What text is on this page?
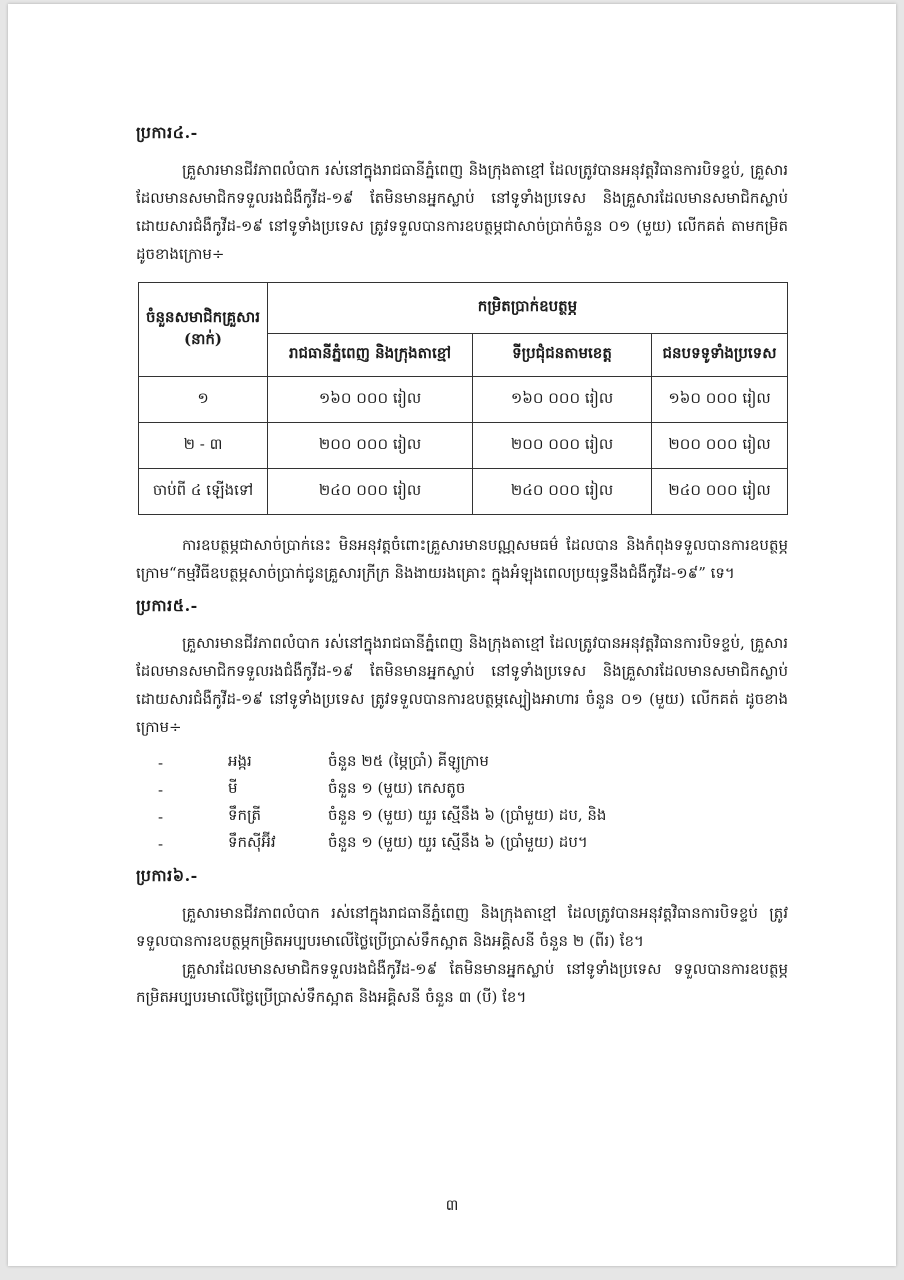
ប្រការ៤.-

គ្រួសារមានជីវភាពលំបាក រស់នៅក្នុងរាជធានីភ្នំពេញ និងក្រុងតាខ្មៅ ដែលត្រូវបានអនុវត្តវិធានការបិទខ្ទប់, គ្រួសារដែលមានសមាជិកទទួលរងជំងឺកូវីដ-១៩ តែមិនមានអ្នកស្លាប់ នៅទូទាំងប្រទេស និងគ្រួសារដែលមានសមាជិកស្លាប់ដោយសារជំងឺកូវីដ-១៩ នៅទូទាំងប្រទេស ត្រូវទទួលបានការឧបត្ថម្ភជាសាច់ប្រាក់ចំនួន ០១ (មួយ) លើកគត់ តាមកម្រិត ដូចខាងក្រោម÷

ចំនួនសមាជិកគ្រួសារ (នាក់)	កម្រិតប្រាក់ឧបត្ថម្ភ		
	រាជធានីភ្នំពេញ និងក្រុងតាខ្មៅ	ទីប្រជុំជនតាមខេត្ត	ជនបទទូទាំងប្រទេស
១	១៦០ ០០០ រៀល	១៦០ ០០០ រៀល	១៦០ ០០០ រៀល
២ - ៣	២០០ ០០០ រៀល	២០០ ០០០ រៀល	២០០ ០០០ រៀល
ចាប់ពី ៤ ឡើងទៅ	២៤០ ០០០ រៀល	២៤០ ០០០ រៀល	២៤០ ០០០ រៀល

ការឧបត្ថម្ភជាសាច់ប្រាក់នេះ មិនអនុវត្តចំពោះគ្រួសារមានបណ្ណសមធម៌ ដែលបាន និងកំពុងទទួលបានការឧបត្ថម្ភក្រោម“កម្មវិធីឧបត្ថម្ភសាច់ប្រាក់ជូនគ្រួសារក្រីក្រ និងងាយរងគ្រោះ ក្នុងអំឡុងពេលប្រយុទ្ធនឹងជំងឺកូវីដ-១៩” ទេ។

ប្រការ៥.-

គ្រួសារមានជីវភាពលំបាក រស់នៅក្នុងរាជធានីភ្នំពេញ និងក្រុងតាខ្មៅ ដែលត្រូវបានអនុវត្តវិធានការបិទខ្ទប់, គ្រួសារដែលមានសមាជិកទទួលរងជំងឺកូវីដ-១៩ តែមិនមានអ្នកស្លាប់ នៅទូទាំងប្រទេស និងគ្រួសារដែលមានសមាជិកស្លាប់ដោយសារជំងឺកូវីដ-១៩ នៅទូទាំងប្រទេស ត្រូវទទួលបានការឧបត្ថម្ភស្បៀងអាហារ ចំនួន ០១ (មួយ) លើកគត់ ដូចខាងក្រោម÷

-	អង្ករ	ចំនួន ២៥ (ម្ភៃប្រាំ) គីឡូក្រាម
-	មី	ចំនួន ១ (មួយ) កេសតូច
-	ទឹកត្រី	ចំនួន ១ (មួយ) យួរ ស្មើនឹង ៦ (ប្រាំមួយ) ដប, និង
-	ទឹកស៊ីអ៊ីវ	ចំនួន ១ (មួយ) យួរ ស្មើនឹង ៦ (ប្រាំមួយ) ដប។
ប្រការ៦.-

គ្រួសារមានជីវភាពលំបាក រស់នៅក្នុងរាជធានីភ្នំពេញ និងក្រុងតាខ្មៅ ដែលត្រូវបានអនុវត្តវិធានការបិទខ្ទប់ ត្រូវទទួលបានការឧបត្ថម្ភកម្រិតអប្បបរមាលើថ្លៃប្រើប្រាស់ទឹកស្អាត និងអគ្គិសនី ចំនួន ២ (ពីរ) ខែ។

គ្រួសារដែលមានសមាជិកទទួលរងជំងឺកូវីដ-១៩ តែមិនមានអ្នកស្លាប់ នៅទូទាំងប្រទេស ទទួលបានការឧបត្ថម្ភកម្រិតអប្បបរមាលើថ្លៃប្រើប្រាស់ទឹកស្អាត និងអគ្គិសនី ចំនួន ៣ (បី) ខែ។

៣
